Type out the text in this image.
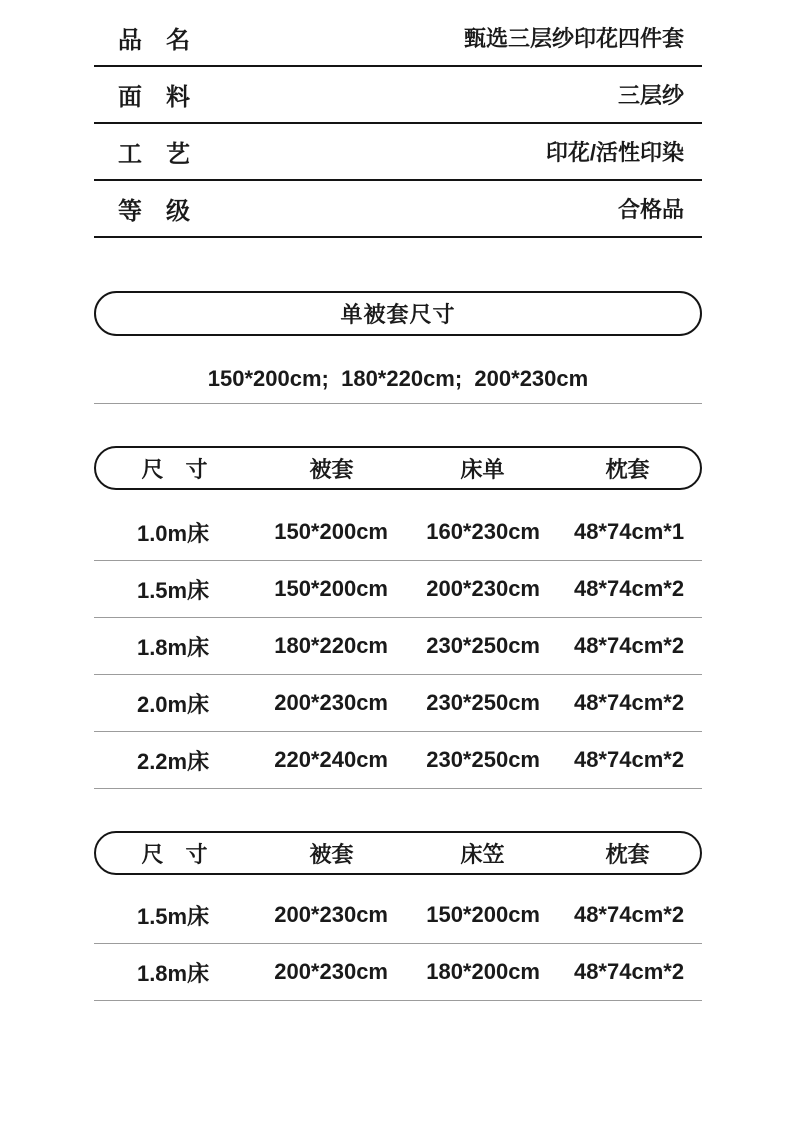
品　名	甄选三层纱印花四件套
面　料	三层纱
工　艺	印花/活性印染
等　级	合格品
单被套尺寸
150*200cm;  180*220cm;  200*230cm
尺　寸	被套	床单	枕套
1.0m床	150*200cm	160*230cm	48*74cm*1
1.5m床	150*200cm	200*230cm	48*74cm*2
1.8m床	180*220cm	230*250cm	48*74cm*2
2.0m床	200*230cm	230*250cm	48*74cm*2
2.2m床	220*240cm	230*250cm	48*74cm*2
尺　寸	被套	床笠	枕套
1.5m床	200*230cm	150*200cm	48*74cm*2
1.8m床	200*230cm	180*200cm	48*74cm*2
